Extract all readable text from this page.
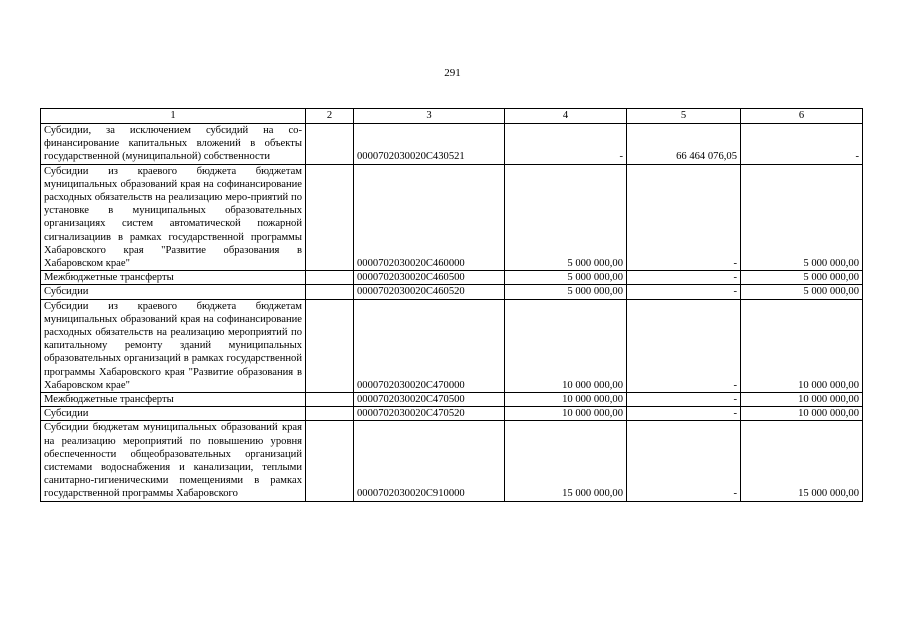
291
1	2	3	4	5	6
Субсидии, за исключением субсидий на софинансирование капитальных вложений в объекты государственной (муниципальной) собственности		0000702030020C430521	-	66 464 076,05	-
Субсидии из краевого бюджета бюджетам муниципальных образований края на софинансирование расходных обязательств на реализацию меро-приятий по установке в муниципальных образовательных организациях систем автоматической пожарной сигнализациив в рамках государственной программы Хабаровского края "Развитие образования в Хабаровском крае"		0000702030020C460000	5 000 000,00	-	5 000 000,00
Межбюджетные трансферты		0000702030020C460500	5 000 000,00	-	5 000 000,00
Субсидии		0000702030020C460520	5 000 000,00	-	5 000 000,00
Субсидии из краевого бюджета бюджетам муниципальных образований края на софинансирование расходных обязательств на реализацию мероприятий по капитальному ремонту зданий муниципальных образовательных организаций в рамках государственной программы Хабаровского края "Развитие образования в Хабаровском крае"		0000702030020C470000	10 000 000,00	-	10 000 000,00
Межбюджетные трансферты		0000702030020C470500	10 000 000,00	-	10 000 000,00
Субсидии		0000702030020C470520	10 000 000,00	-	10 000 000,00
Субсидии бюджетам муниципальных образований края на реализацию мероприятий по повышению уровня обеспеченности общеобразовательных организаций системами водоснабжения и канализации, теплыми санитарно-гигиеническими помещениями в рамках государственной программы Хабаровского		0000702030020C910000	15 000 000,00	-	15 000 000,00
